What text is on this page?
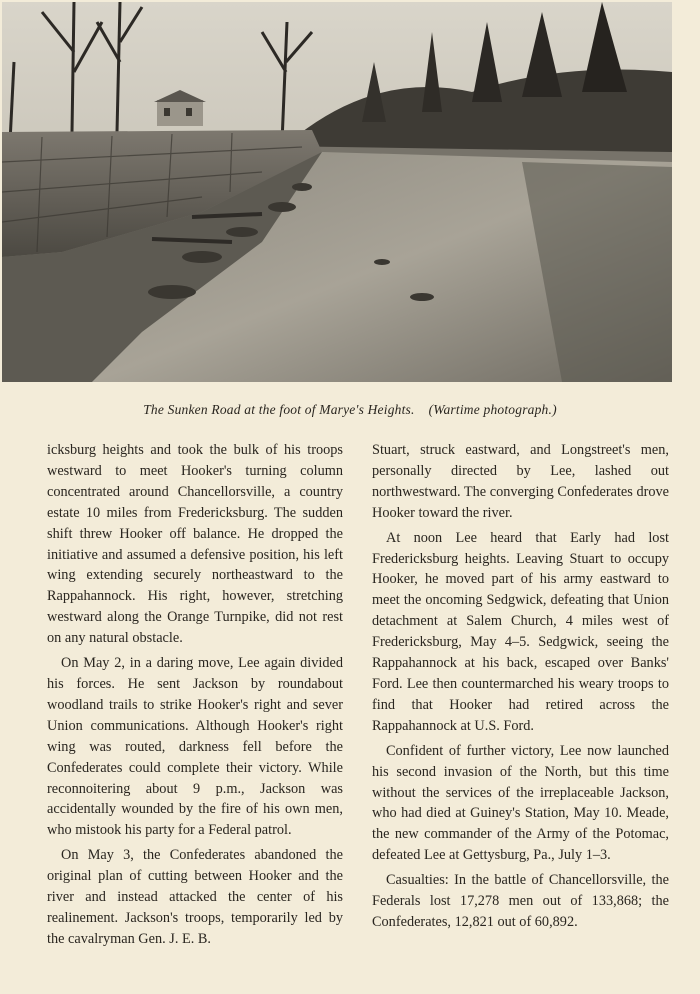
The Sunken Road at the foot of Marye's Heights. (Wartime photograph.)

icksburg heights and took the bulk of his troops westward to meet Hooker's turning column concentrated around Chancellorsville, a country estate 10 miles from Fredericksburg. The sudden shift threw Hooker off balance. He dropped the initiative and assumed a defensive position, his left wing extending securely northeastward to the Rappahannock. His right, however, stretching westward along the Orange Turnpike, did not rest on any natural obstacle.

On May 2, in a daring move, Lee again divided his forces. He sent Jackson by roundabout woodland trails to strike Hooker's right and sever Union communications. Although Hooker's right wing was routed, darkness fell before the Confederates could complete their victory. While reconnoitering about 9 p.m., Jackson was accidentally wounded by the fire of his own men, who mistook his party for a Federal patrol.

On May 3, the Confederates abandoned the original plan of cutting between Hooker and the river and instead attacked the center of his realinement. Jackson's troops, temporarily led by the cavalryman Gen. J. E. B.

Stuart, struck eastward, and Longstreet's men, personally directed by Lee, lashed out northwestward. The converging Confederates drove Hooker toward the river.

At noon Lee heard that Early had lost Fredericksburg heights. Leaving Stuart to occupy Hooker, he moved part of his army eastward to meet the oncoming Sedgwick, defeating that Union detachment at Salem Church, 4 miles west of Fredericksburg, May 4–5. Sedgwick, seeing the Rappahannock at his back, escaped over Banks' Ford. Lee then countermarched his weary troops to find that Hooker had retired across the Rappahannock at U.S. Ford.

Confident of further victory, Lee now launched his second invasion of the North, but this time without the services of the irreplaceable Jackson, who had died at Guiney's Station, May 10. Meade, the new commander of the Army of the Potomac, defeated Lee at Gettysburg, Pa., July 1–3.

Casualties: In the battle of Chancellorsville, the Federals lost 17,278 men out of 133,868; the Confederates, 12,821 out of 60,892.
